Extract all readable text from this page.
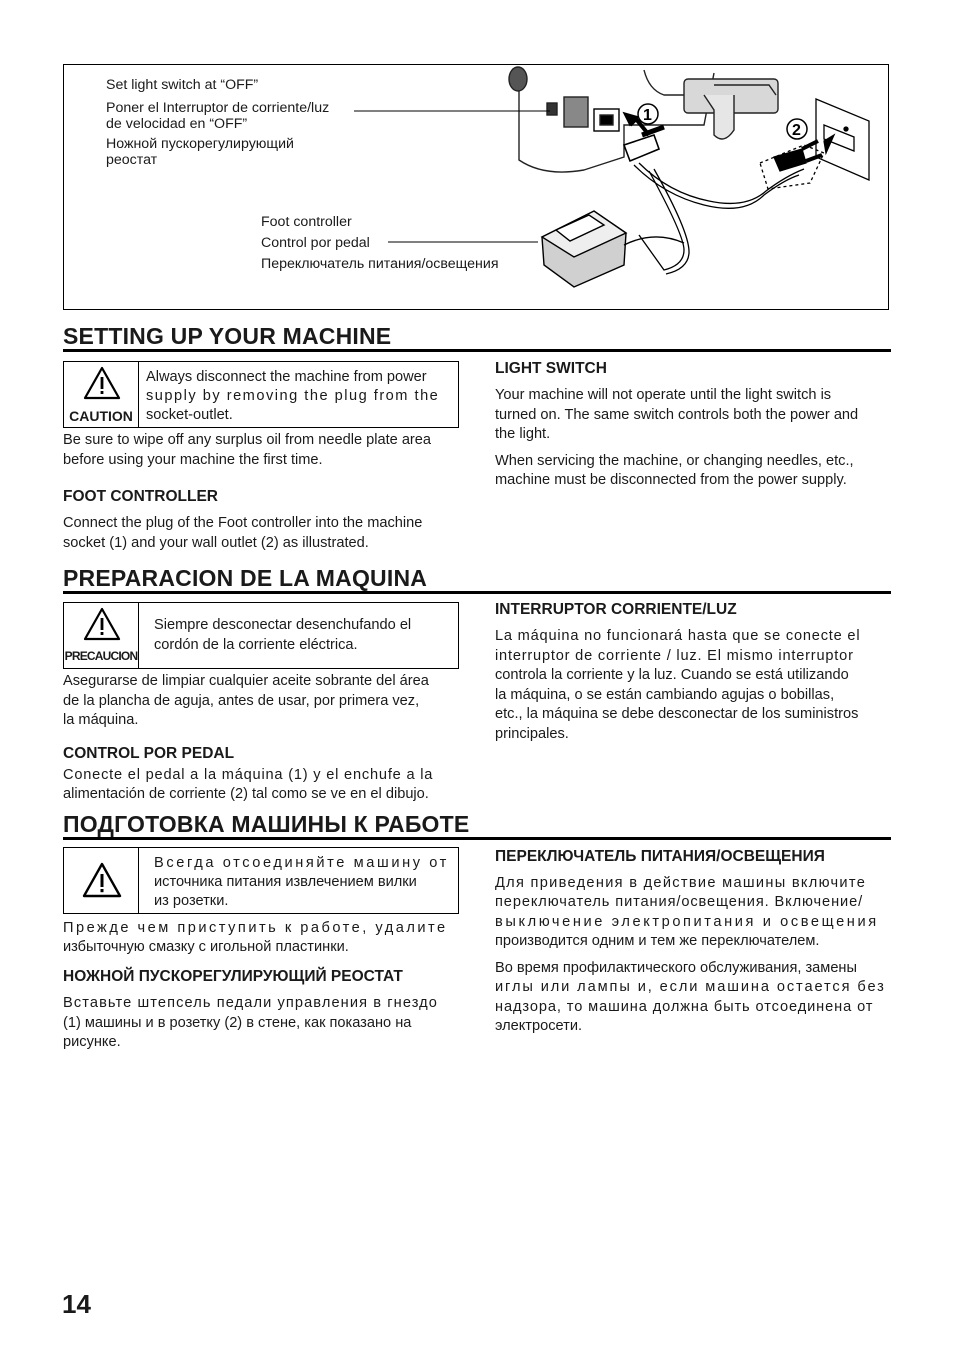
1
2
Set light switch at “OFF”
Poner el Interruptor de corriente/luz
de velocidad en “OFF”
Ножной пускорегулирующий
реостат
Foot controller
Control por pedal
Переключатель питания/освещения
SETTING UP YOUR MACHINE
CAUTION
Always disconnect the machine from power
supply by removing the plug from the
socket-outlet.
Be sure to wipe off any surplus oil from needle plate area
before using your machine the first time.
FOOT CONTROLLER
Connect the plug of the Foot controller into the machine
socket (1) and your wall outlet (2) as illustrated.
LIGHT SWITCH
Your machine will not operate until the light switch is
turned on. The same switch controls both the power and
the light.
When servicing the machine, or changing needles, etc.,
machine must be disconnected from the power supply.
PREPARACION DE LA MAQUINA
PRECAUCION
Siempre desconectar desenchufando el
cordón de la corriente eléctrica.
Asegurarse de limpiar cualquier aceite sobrante del área
de la plancha de aguja, antes de usar, por primera vez,
la máquina.
CONTROL POR PEDAL
Conecte el pedal a la máquina (1) y el enchufe a la
alimentación de corriente (2) tal como se ve en el dibujo.
INTERRUPTOR CORRIENTE/LUZ
La máquina no funcionará hasta que se conecte el
interruptor de corriente / luz. El mismo interruptor
controla la corriente y la luz. Cuando se está utilizando
la máquina, o se están cambiando agujas o bobillas,
etc., la máquina se debe desconectar de los suministros
principales.
ПОДГОТОВКА МАШИНЫ К РАБОТЕ
Всегда отсоединяйте машину от
источника питания извлечением вилки
из розетки.
Прежде чем приступить к работе, удалите
избыточную смазку с игольной пластинки.
НОЖНОЙ ПУСКОРЕГУЛИРУЮЩИЙ РЕОСТАТ
Вставьте штепсель педали управления в гнездо
(1) машины и в розетку (2) в стене, как показано на
рисунке.
ПЕРЕКЛЮЧАТЕЛЬ ПИТАНИЯ/ОСВЕЩЕНИЯ
Для приведения в действие машины включите
переключатель питания/освещения. Включение/
выключение электропитания и освещения
производится одним и тем же переключателем.
Во время профилактического обслуживания, замены
иглы или лампы и, если машина остается без
надзора, то машина должна быть отсоединена от
электросети.
14
